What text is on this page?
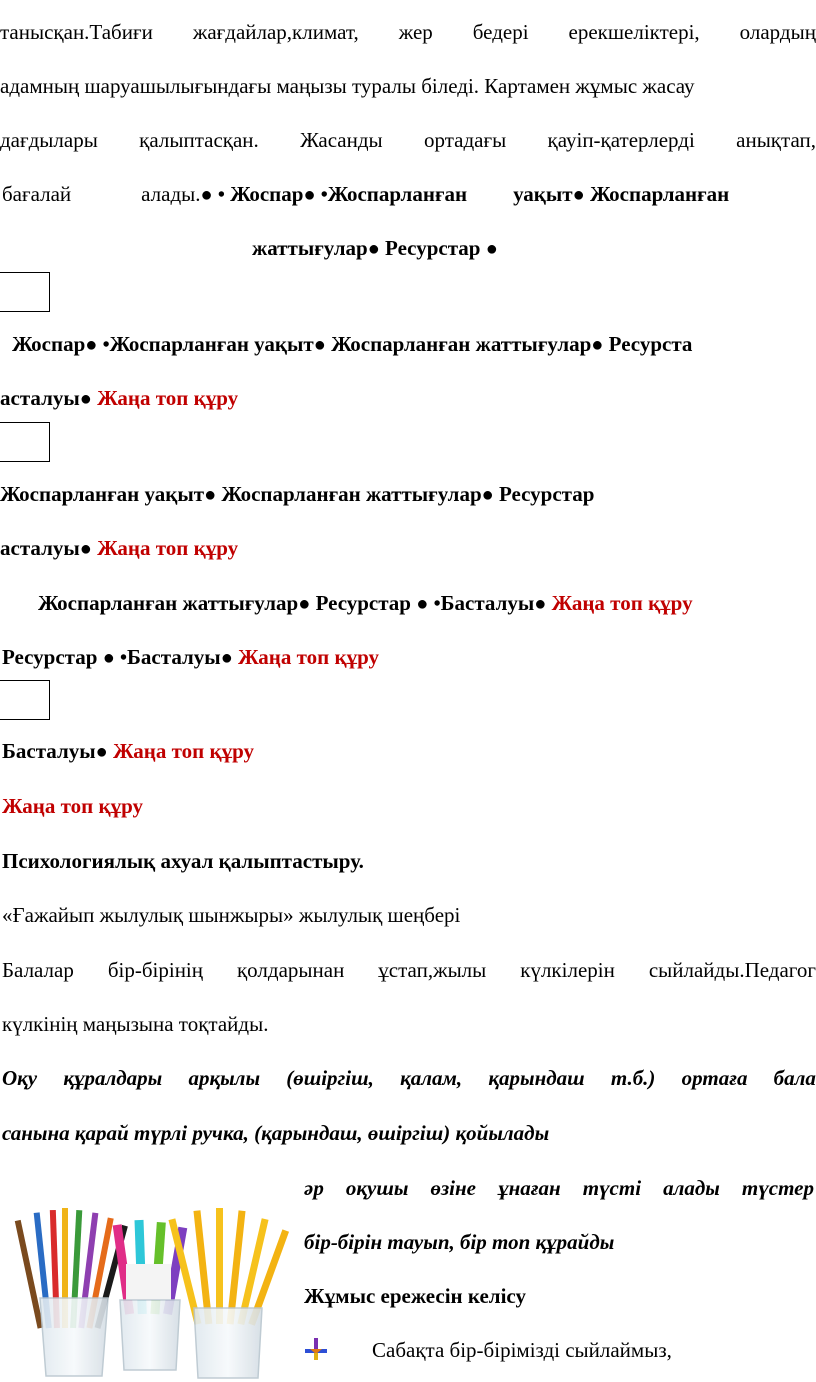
танысқан.Табиғи жағдайлар,климат, жер бедері ерекшеліктері, олардың
адамның шаруашылығындағы маңызы туралы біледі. Картамен жұмыс жасау
дағдылары қалыптасқан. Жасанды ортадағы қауіп-қатерлерді анықтап,
бағалай	алады.● • Жоспар● •Жоспарланған уақыт● Жоспарланған
жаттығулар● Ресурстар ●
Жоспар● •Жоспарланған уақыт● Жоспарланған жаттығулар● Ресурста
асталуы● Жаңа топ құру
Жоспарланған уақыт● Жоспарланған жаттығулар● Ресурстар
асталуы● Жаңа топ құру
Жоспарланған жаттығулар● Ресурстар ● •Басталуы● Жаңа топ құру
Ресурстар ● •Басталуы● Жаңа топ құру
Басталуы● Жаңа топ құру
Жаңа топ құру
Психологиялық ахуал қалыптастыру.
«Ғажайып жылулық шынжыры» жылулық шеңбері
Балалар бір-бірінің қолдарынан ұстап,жылы күлкілерін сыйлайды.Педагог
күлкінің маңызына тоқтайды.
Оқу құралдары арқылы (өшіргіш, қалам, қарындаш т.б.) ортаға бала
санына қарай түрлі ручка, (қарындаш, өшіргіш) қойылады
әр оқушы өзіне ұнаған түсті алады түстер
бір-бірін тауып, бір топ құрайды
Жұмыс ережесін келісу
Сабақта бір-бірімізді сыйлаймыз,
